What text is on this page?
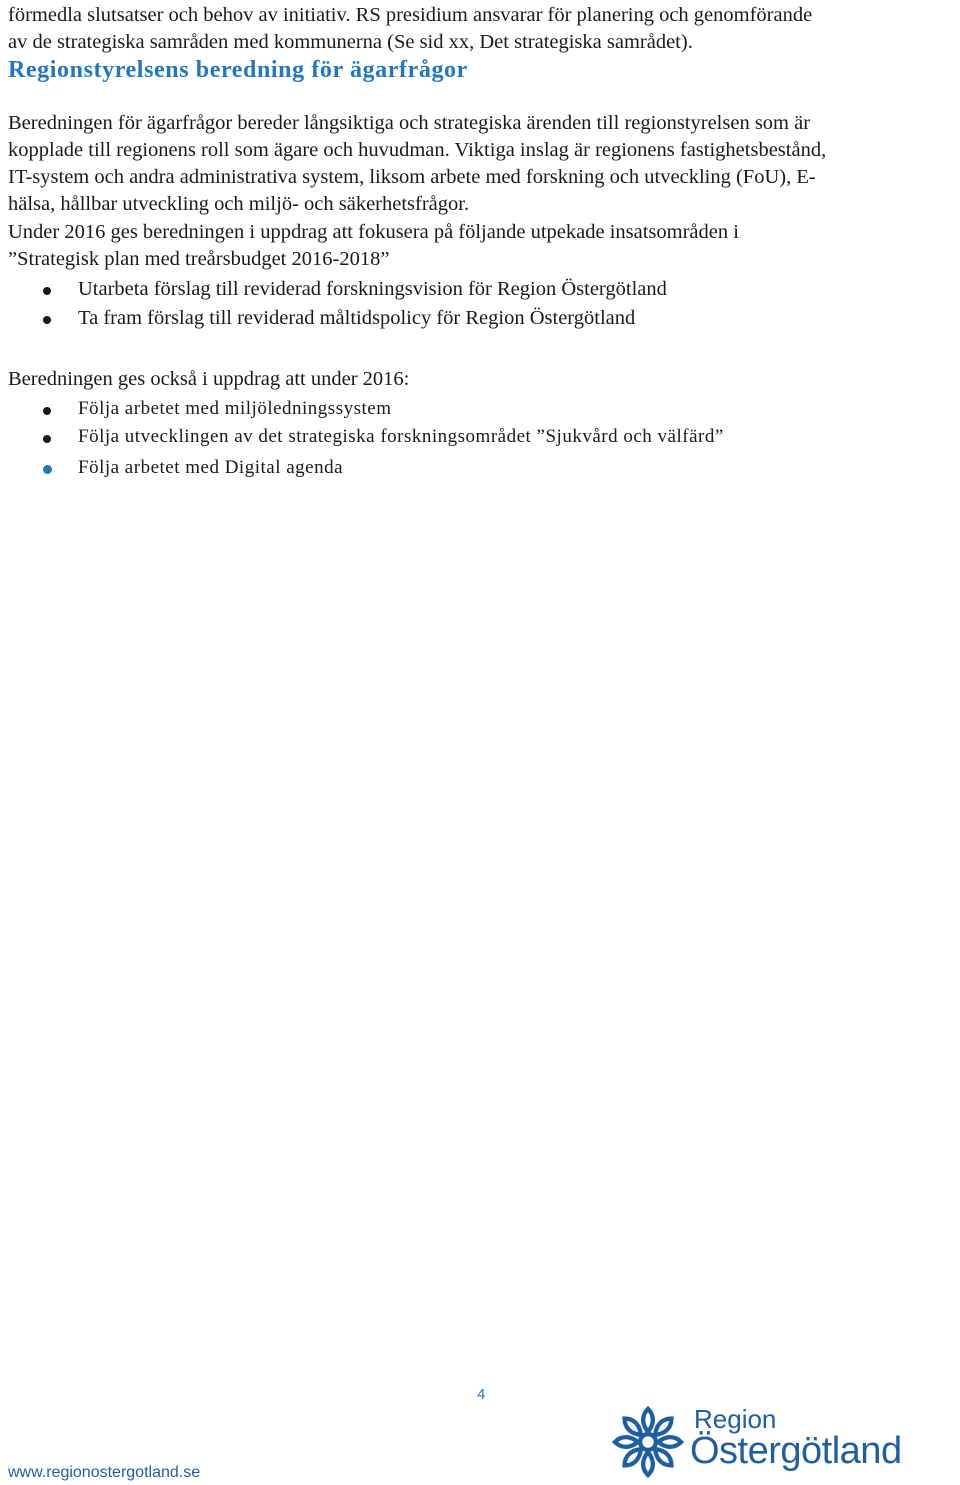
förmedla slutsatser och behov av initiativ. RS presidium ansvarar för planering och genomförande

av de strategiska samråden med kommunerna (Se sid xx, Det strategiska samrådet).

Regionstyrelsens beredning för ägarfrågor

Beredningen för ägarfrågor bereder långsiktiga och strategiska ärenden till regionstyrelsen som är

kopplade till regionens roll som ägare och huvudman. Viktiga inslag är regionens fastighetsbestånd,

IT-system och andra administrativa system, liksom arbete med forskning och utveckling (FoU), E-

hälsa, hållbar utveckling och miljö- och säkerhetsfrågor.

Under 2016 ges beredningen i uppdrag att fokusera på följande utpekade insatsområden i

”Strategisk plan med treårsbudget 2016-2018”

Utarbeta förslag till reviderad forskningsvision för Region Östergötland
Ta fram förslag till reviderad måltidspolicy för Region Östergötland

Beredningen ges också i uppdrag att under 2016:

Följa arbetet med miljöledningssystem
Följa utvecklingen av det strategiska forskningsområdet ”Sjukvård och välfärd”
Följa arbetet med Digital agenda
4
www.regionostergotland.se
Region
Östergötland
